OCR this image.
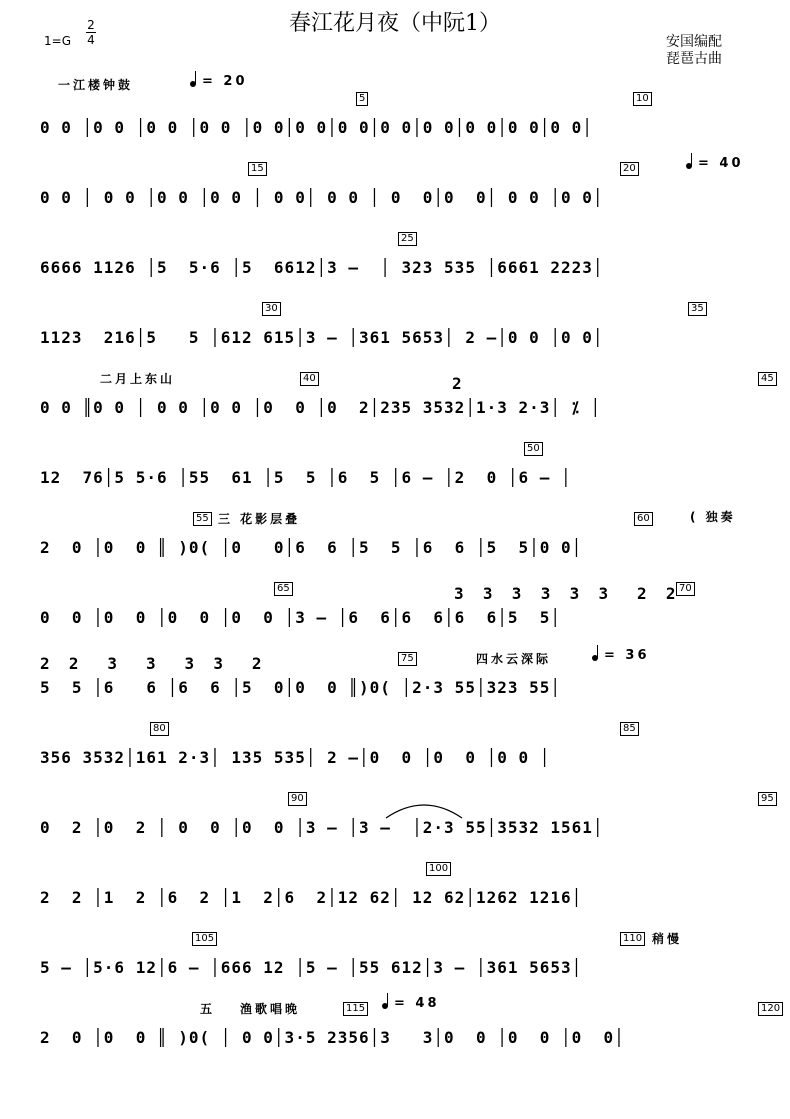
春江花月夜（中阮1）
1=G
2
4	安国编配
琵琶古曲
一江楼钟鼓	= 20
5	10
15	20	= 40
25
30	35
二月上东山	40	45
50
55 三 花影层叠	60	( 独奏
65	70
75	四水云深际	= 36
80	85
90	95
100
105	110 稍慢
五 渔歌唱晚	115	= 48	120
2
3  3  3  3  3  3   2  2
2  2   3   3   3  3   2
0 0 │0 0 │0 0 │0 0 │0 0│0 0│0 0│0 0│0 0│0 0│0 0│0 0│
0 0 │ 0 0 │0 0 │0 0 │ 0 0│ 0 0 │ 0  0│0  0│ 0 0 │0 0│
6666 1126 │5  5·6 │5  6612│3 –  │ 323 535 │6661 2223│
1123  216│5   5 │612 615│3 – │361 5653│ 2 –│0 0 │0 0│
0 0 ║0 0 │ 0 0 │0 0 │0  0 │0  2│235 3532│1·3 2·3│ ⁒ │
12  76│5 5·6 │55  61 │5  5 │6  5 │6 – │2  0 │6 – │
2  0 │0  0 ║ )0( │0   0│6  6 │5  5 │6  6 │5  5│0 0│
0  0 │0  0 │0  0 │0  0 │3 – │6  6│6  6│6  6│5  5│
5  5 │6   6 │6  6 │5  0│0  0 ║)0( │2·3 55│323 55│
356 3532│161 2·3│ 135 535│ 2 –│0  0 │0  0 │0 0 │
0  2 │0  2 │ 0  0 │0  0 │3 – │3 –  │2·3 55│3532 1561│
2  2 │1  2 │6  2 │1  2│6  2│12 62│ 12 62│1262 1216│
5 – │5·6 12│6 – │666 12 │5 – │55 612│3 – │361 5653│
2  0 │0  0 ║ )0( │ 0 0│3·5 2356│3   3│0  0 │0  0 │0  0│
